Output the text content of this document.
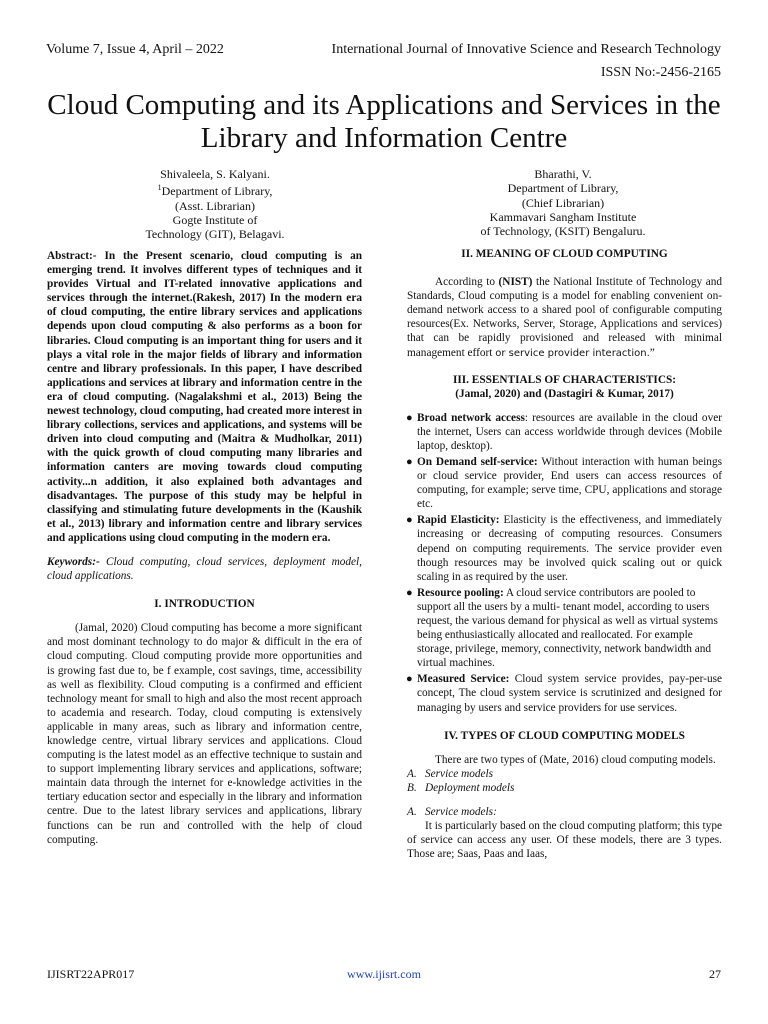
Volume 7, Issue 4, April – 2022	International Journal of Innovative Science and Research Technology
ISSN No:-2456-2165
Cloud Computing and its Applications and Services in the Library and Information Centre
Shivaleela, S. Kalyani.
$^1$Department of Library,
(Asst. Librarian)
Gogte Institute of
Technology (GIT), Belagavi.
Bharathi, V.
Department of Library,
(Chief Librarian)
Kammavari Sangham Institute
of Technology, (KSIT) Bengaluru.

Abstract:- In the Present scenario, cloud computing is an emerging trend. It involves different types of techniques and it provides Virtual and IT-related innovative applications and services through the internet.(Rakesh, 2017) In the modern era of cloud computing, the entire library services and applications depends upon cloud computing & also performs as a boon for libraries. Cloud computing is an important thing for users and it plays a vital role in the major fields of library and information centre and library professionals. In this paper, I have described applications and services at library and information centre in the era of cloud computing. (Nagalakshmi et al., 2013) Being the newest technology, cloud computing, had created more interest in library collections, services and applications, and systems will be driven into cloud computing and (Maitra & Mudholkar, 2011) with the quick growth of cloud computing many libraries and information canters are moving towards cloud computing activity...n addition, it also explained both advantages and disadvantages. The purpose of this study may be helpful in classifying and stimulating future developments in the (Kaushik et al., 2013) library and information centre and library services and applications using cloud computing in the modern era.

Keywords:- Cloud computing, cloud services, deployment model, cloud applications.

I. INTRODUCTION

(Jamal, 2020) Cloud computing has become a more significant and most dominant technology to do major & difficult in the era of cloud computing. Cloud computing provide more opportunities and is growing fast due to, be f example, cost savings, time, accessibility as well as flexibility. Cloud computing is a confirmed and efficient technology meant for small to high and also the most recent approach to academia and research. Today, cloud computing is extensively applicable in many areas, such as library and information centre, knowledge centre, virtual library services and applications. Cloud computing is the latest model as an effective technique to sustain and to support implementing library services and applications, software; maintain data through the internet for e-knowledge activities in the tertiary education sector and especially in the library and information centre. Due to the latest library services and applications, library functions can be run and controlled with the help of cloud computing.

II. MEANING OF CLOUD COMPUTING

According to (NIST) the National Institute of Technology and Standards, Cloud computing is a model for enabling convenient on-demand network access to a shared pool of configurable computing resources(Ex. Networks, Server, Storage, Applications and services) that can be rapidly provisioned and released with minimal management effort or service provider interaction.”

III. ESSENTIALS OF CHARACTERISTICS:
(Jamal, 2020) and (Dastagiri & Kumar, 2017)
● Broad network access: resources are available in the cloud over the internet, Users can access worldwide through devices (Mobile laptop, desktop).
● On Demand self-service: Without interaction with human beings or cloud service provider, End users can access resources of computing, for example; serve time, CPU, applications and storage etc.
● Rapid Elasticity: Elasticity is the effectiveness, and immediately increasing or decreasing of computing resources. Consumers depend on computing requirements. The service provider even though resources may be involved quick scaling out or quick scaling in as required by the user.
● Resource pooling: A cloud service contributors are pooled to support all the users by a multi- tenant model, according to users request, the various demand for physical as well as virtual systems being enthusiastically allocated and reallocated. For example storage, privilege, memory, connectivity, network bandwidth and virtual machines.
● Measured Service: Cloud system service provides, pay-per-use concept, The cloud system service is scrutinized and designed for managing by users and service providers for use services.
IV. TYPES OF CLOUD COMPUTING MODELS

There are two types of (Mate, 2016) cloud computing models.

A. Service models
B. Deployment models
A. Service models:

It is particularly based on the cloud computing platform; this type of service can access any user. Of these models, there are 3 types. Those are; Saas, Paas and Iaas,

IJISRT22APR017	www.ijisrt.com	27
